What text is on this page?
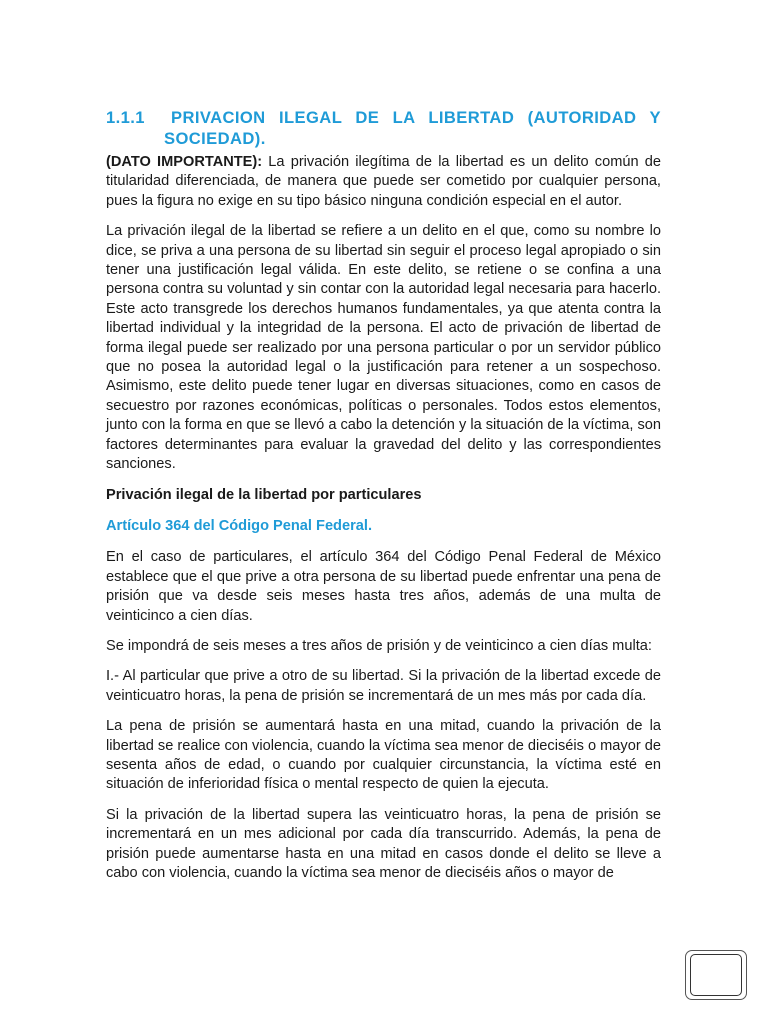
1.1.1 PRIVACION ILEGAL DE LA LIBERTAD (AUTORIDAD Y
SOCIEDAD).

(DATO IMPORTANTE): La privación ilegítima de la libertad es un delito común de titularidad diferenciada, de manera que puede ser cometido por cualquier persona, pues la figura no exige en su tipo básico ninguna condición especial en el autor.

La privación ilegal de la libertad se refiere a un delito en el que, como su nombre lo dice, se priva a una persona de su libertad sin seguir el proceso legal apropiado o sin tener una justificación legal válida. En este delito, se retiene o se confina a una persona contra su voluntad y sin contar con la autoridad legal necesaria para hacerlo. Este acto transgrede los derechos humanos fundamentales, ya que atenta contra la libertad individual y la integridad de la persona. El acto de privación de libertad de forma ilegal puede ser realizado por una persona particular o por un servidor público que no posea la autoridad legal o la justificación para retener a un sospechoso. Asimismo, este delito puede tener lugar en diversas situaciones, como en casos de secuestro por razones económicas, políticas o personales. Todos estos elementos, junto con la forma en que se llevó a cabo la detención y la situación de la víctima, son factores determinantes para evaluar la gravedad del delito y las correspondientes sanciones.

Privación ilegal de la libertad por particulares
Artículo 364 del Código Penal Federal.

En el caso de particulares, el artículo 364 del Código Penal Federal de México establece que el que prive a otra persona de su libertad puede enfrentar una pena de prisión que va desde seis meses hasta tres años, además de una multa de veinticinco a cien días.

Se impondrá de seis meses a tres años de prisión y de veinticinco a cien días multa:

I.- Al particular que prive a otro de su libertad. Si la privación de la libertad excede de veinticuatro horas, la pena de prisión se incrementará de un mes más por cada día.

La pena de prisión se aumentará hasta en una mitad, cuando la privación de la libertad se realice con violencia, cuando la víctima sea menor de dieciséis o mayor de sesenta años de edad, o cuando por cualquier circunstancia, la víctima esté en situación de inferioridad física o mental respecto de quien la ejecuta.

Si la privación de la libertad supera las veinticuatro horas, la pena de prisión se incrementará en un mes adicional por cada día transcurrido. Además, la pena de prisión puede aumentarse hasta en una mitad en casos donde el delito se lleve a cabo con violencia, cuando la víctima sea menor de dieciséis años o mayor de
